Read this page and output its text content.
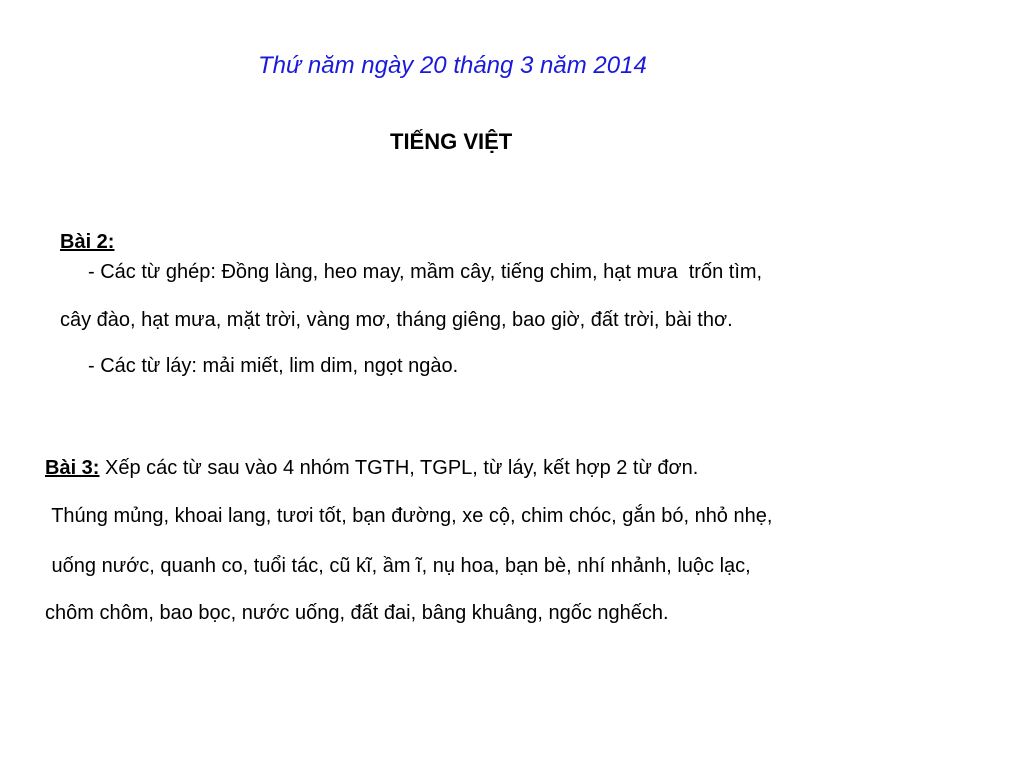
Thứ năm ngày 20 tháng 3 năm 2014
TIẾNG VIỆT
Bài 2:
- Các từ ghép: Đồng làng, heo may, mầm cây, tiếng chim, hạt mưa  trốn tìm,
cây đào, hạt mưa, mặt trời, vàng mơ, tháng giêng, bao giờ, đất trời, bài thơ.
- Các từ láy: mải miết, lim dim, ngọt ngào.
Bài 3: Xếp các từ sau vào 4 nhóm TGTH, TGPL, từ láy, kết hợp 2 từ đơn.
Thúng mủng, khoai lang, tươi tốt, bạn đường, xe cộ, chim chóc, gắn bó, nhỏ nhẹ,
uống nước, quanh co, tuổi tác, cũ kĩ, ầm ĩ, nụ hoa, bạn bè, nhí nhảnh, luộc lạc,
chôm chôm, bao bọc, nước uống, đất đai, bâng khuâng, ngốc nghếch.
